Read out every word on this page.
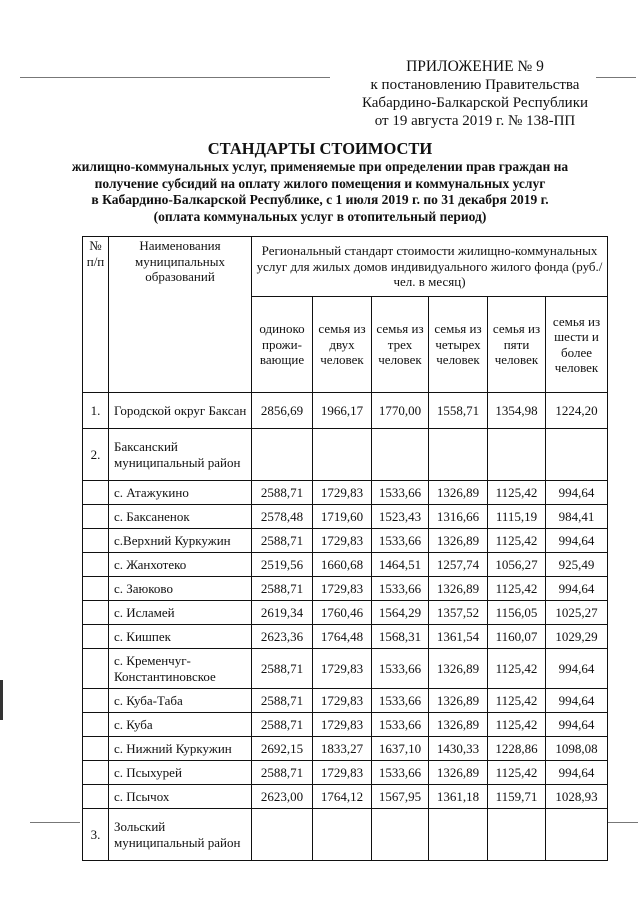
ПРИЛОЖЕНИЕ № 9
к постановлению Правительства
Кабардино-Балкарской Республики
от 19 августа 2019 г. № 138-ПП
СТАНДАРТЫ СТОИМОСТИ
жилищно-коммунальных услуг, применяемые при определении прав граждан на
получение субсидий на оплату жилого помещения и коммунальных услуг
в Кабардино-Балкарской Республике, с 1 июля 2019 г. по 31 декабря 2019 г.
(оплата коммунальных услуг в отопительный период)
№ п/п	Наименования муниципальных образований	Региональный стандарт стоимости жилищно-коммунальных услуг для жилых домов индивидуального жилого фонда (руб./чел. в месяц)					
		одиноко прожи-вающие	семья из двух человек	семья из трех человек	семья из четырех человек	семья из пяти человек	семья из шести и более человек
1.	Городской округ Баксан	2856,69	1966,17	1770,00	1558,71	1354,98	1224,20
2.	Баксанский муниципальный район						
	с. Атажукино	2588,71	1729,83	1533,66	1326,89	1125,42	994,64
	с. Баксаненок	2578,48	1719,60	1523,43	1316,66	1115,19	984,41
	с.Верхний Куркужин	2588,71	1729,83	1533,66	1326,89	1125,42	994,64
	с. Жанхотеко	2519,56	1660,68	1464,51	1257,74	1056,27	925,49
	с. Заюково	2588,71	1729,83	1533,66	1326,89	1125,42	994,64
	с. Исламей	2619,34	1760,46	1564,29	1357,52	1156,05	1025,27
	с. Кишпек	2623,36	1764,48	1568,31	1361,54	1160,07	1029,29
	с. Кременчуг-Константиновское	2588,71	1729,83	1533,66	1326,89	1125,42	994,64
	с. Куба-Таба	2588,71	1729,83	1533,66	1326,89	1125,42	994,64
	с. Куба	2588,71	1729,83	1533,66	1326,89	1125,42	994,64
	с. Нижний Куркужин	2692,15	1833,27	1637,10	1430,33	1228,86	1098,08
	с. Псыхурей	2588,71	1729,83	1533,66	1326,89	1125,42	994,64
	с. Псычох	2623,00	1764,12	1567,95	1361,18	1159,71	1028,93
3.	Зольский муниципальный район						
